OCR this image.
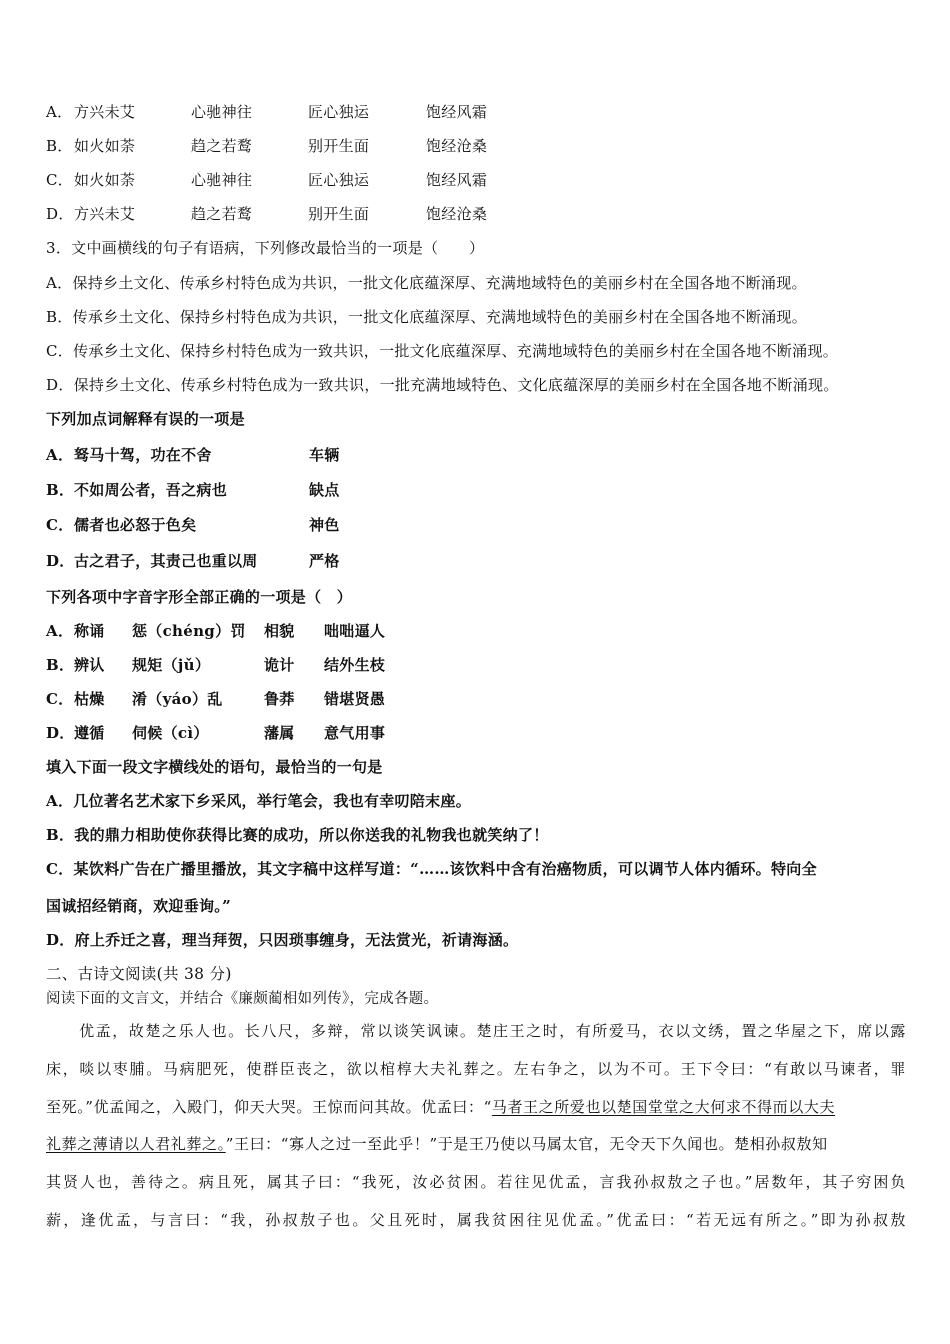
A． 方兴未艾	心驰神往	匠心独运	饱经风霜
B． 如火如荼	趋之若鹜	别开生面	饱经沧桑
C． 如火如荼	心驰神往	匠心独运	饱经风霜
D． 方兴未艾	趋之若鹜	别开生面	饱经沧桑
3．文中画横线的句子有语病，下列修改最恰当的一项是（　　）
A．保持乡土文化、传承乡村特色成为共识，一批文化底蕴深厚、充满地域特色的美丽乡村在全国各地不断涌现。
B．传承乡土文化、保持乡村特色成为共识，一批文化底蕴深厚、充满地域特色的美丽乡村在全国各地不断涌现。
C．传承乡土文化、保持乡村特色成为一致共识，一批文化底蕴深厚、充满地域特色的美丽乡村在全国各地不断涌现。
D．保持乡土文化、传承乡村特色成为一致共识，一批充满地域特色、文化底蕴深厚的美丽乡村在全国各地不断涌现。
下列加点词解释有误的一项是
A． 驽马十驾，功在不舍	车辆
B． 不如周公者，吾之病也	缺点
C． 儒者也必怒于色矣	神色
D． 古之君子，其责己也重以周	严格
下列各项中字音字形全部正确的一项是（　）
A． 称诵	惩（chéng）罚	相貌	咄咄逼人
B． 辨认	规矩（jǔ）	诡计	结外生枝
C． 枯燥	淆（yáo）乱	鲁莽	错堪贤愚
D． 遵循	伺候（cì）	藩属	意气用事
填入下面一段文字横线处的语句，最恰当的一句是
A．几位著名艺术家下乡采风，举行笔会，我也有幸叨陪末座。
B．我的鼎力相助使你获得比赛的成功，所以你送我的礼物我也就笑纳了！
C．某饮料广告在广播里播放，其文字稿中这样写道：“……该饮料中含有治癌物质，可以调节人体内循环。特向全
国诚招经销商，欢迎垂询。”
D．府上乔迁之喜，理当拜贺，只因琐事缠身，无法赏光，祈请海涵。
二、古诗文阅读(共 38 分)
阅读下面的文言文，并结合《廉颇蔺相如列传》，完成各题。
　　优孟，故楚之乐人也。长八尺，多辩，常以谈笑讽谏。楚庄王之时，有所爱马，衣以文绣，置之华屋之下，席以露
床，啖以枣脯。马病肥死，使群臣丧之，欲以棺椁大夫礼葬之。左右争之，以为不可。王下令曰：“有敢以马谏者，罪
至死。”优孟闻之，入殿门，仰天大哭。王惊而问其故。优孟曰：“马者王之所爱也以楚国堂堂之大何求不得而以大夫
礼葬之薄请以人君礼葬之。”王曰：“寡人之过一至此乎！”于是王乃使以马属太官，无令天下久闻也。楚相孙叔敖知
其贤人也，善待之。病且死，属其子曰：“我死，汝必贫困。若往见优孟，言我孙叔敖之子也。”居数年，其子穷困负
薪，逢优孟，与言曰：“我，孙叔敖子也。父且死时，属我贫困往见优孟。”优孟曰：“若无远有所之。”即为孙叔敖
